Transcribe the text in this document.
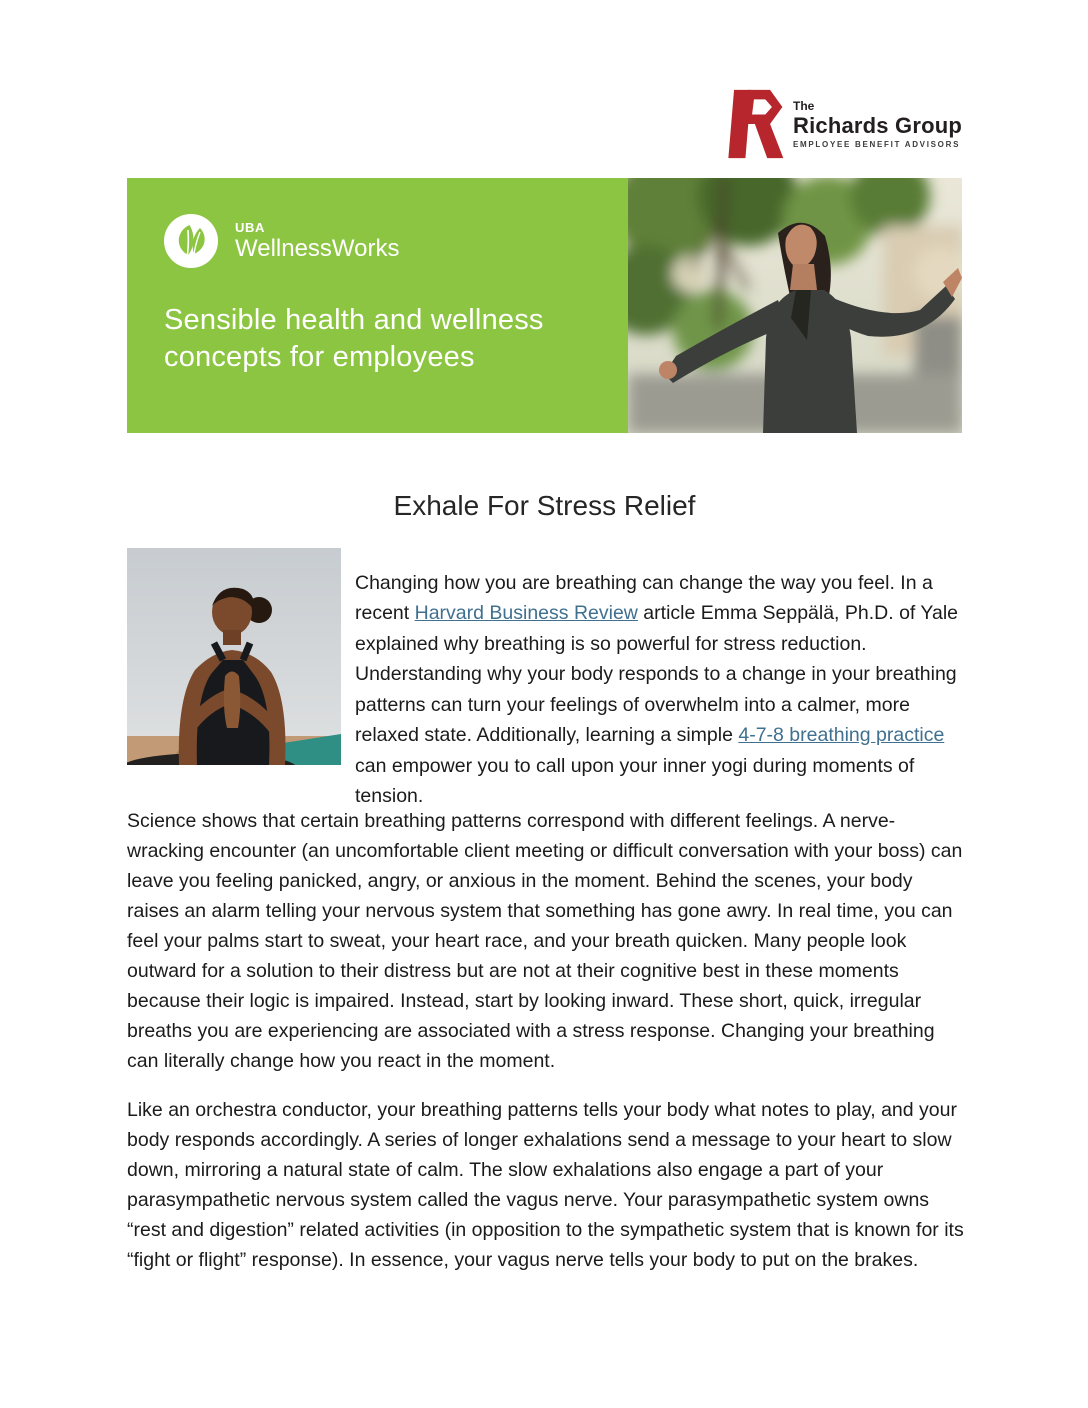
The
Richards Group
EMPLOYEE BENEFIT ADVISORS
UBA
WellnessWorks
Sensible health and wellness concepts for employees
Exhale For Stress Relief

Changing how you are breathing can change the way you feel. In a recent Harvard Business Review article Emma Seppälä, Ph.D. of Yale explained why breathing is so powerful for stress reduction. Understanding why your body responds to a change in your breathing patterns can turn your feelings of overwhelm into a calmer, more relaxed state. Additionally, learning a simple 4-7-8 breathing practice can empower you to call upon your inner yogi during moments of tension.

Science shows that certain breathing patterns correspond with different feelings. A nerve-wracking encounter (an uncomfortable client meeting or difficult conversation with your boss) can leave you feeling panicked, angry, or anxious in the moment. Behind the scenes, your body raises an alarm telling your nervous system that something has gone awry. In real time, you can feel your palms start to sweat, your heart race, and your breath quicken. Many people look outward for a solution to their distress but are not at their cognitive best in these moments because their logic is impaired. Instead, start by looking inward. These short, quick, irregular breaths you are experiencing are associated with a stress response. Changing your breathing can literally change how you react in the moment.

Like an orchestra conductor, your breathing patterns tells your body what notes to play, and your body responds accordingly. A series of longer exhalations send a message to your heart to slow down, mirroring a natural state of calm. The slow exhalations also engage a part of your parasympathetic nervous system called the vagus nerve. Your parasympathetic system owns “rest and digestion” related activities (in opposition to the sympathetic system that is known for its “fight or flight” response). In essence, your vagus nerve tells your body to put on the brakes.
